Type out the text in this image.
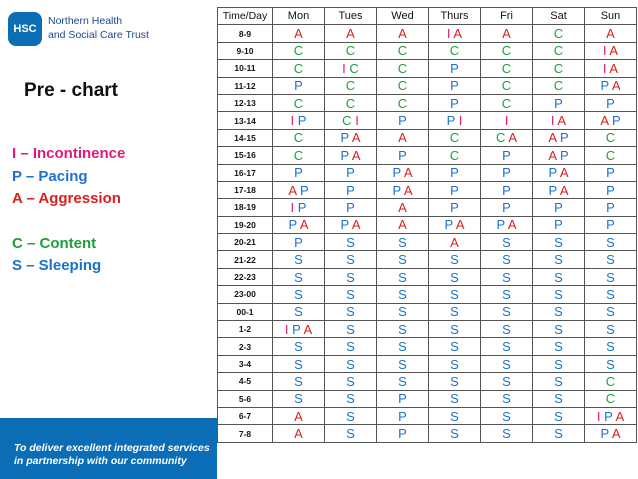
HSC
Northern Health
and Social Care Trust
Pre - chart
I – Incontinence
P – Pacing
A – Aggression
C – Content
S – Sleeping
To deliver excellent integrated services
in partnership with our community
Time/Day	Mon	Tues	Wed	Thurs	Fri	Sat	Sun
8-9	A	A	A	I A	A	C	A
9-10	C	C	C	C	C	C	I A
10-11	C	I C	C	P	C	C	I A
11-12	P	C	C	P	C	C	P A
12-13	C	C	C	P	C	P	P
13-14	I P	C I	P	P I	I	I A	A P
14-15	C	P A	A	C	C A	A P	C
15-16	C	P A	P	C	P	A P	C
16-17	P	P	P A	P	P	P A	P
17-18	A P	P	P A	P	P	P A	P
18-19	I P	P	A	P	P	P	P
19-20	P A	P A	A	P A	P A	P	P
20-21	P	S	S	A	S	S	S
21-22	S	S	S	S	S	S	S
22-23	S	S	S	S	S	S	S
23-00	S	S	S	S	S	S	S
00-1	S	S	S	S	S	S	S
1-2	I P A	S	S	S	S	S	S
2-3	S	S	S	S	S	S	S
3-4	S	S	S	S	S	S	S
4-5	S	S	S	S	S	S	C
5-6	S	S	P	S	S	S	C
6-7	A	S	P	S	S	S	I P A
7-8	A	S	P	S	S	S	P A
